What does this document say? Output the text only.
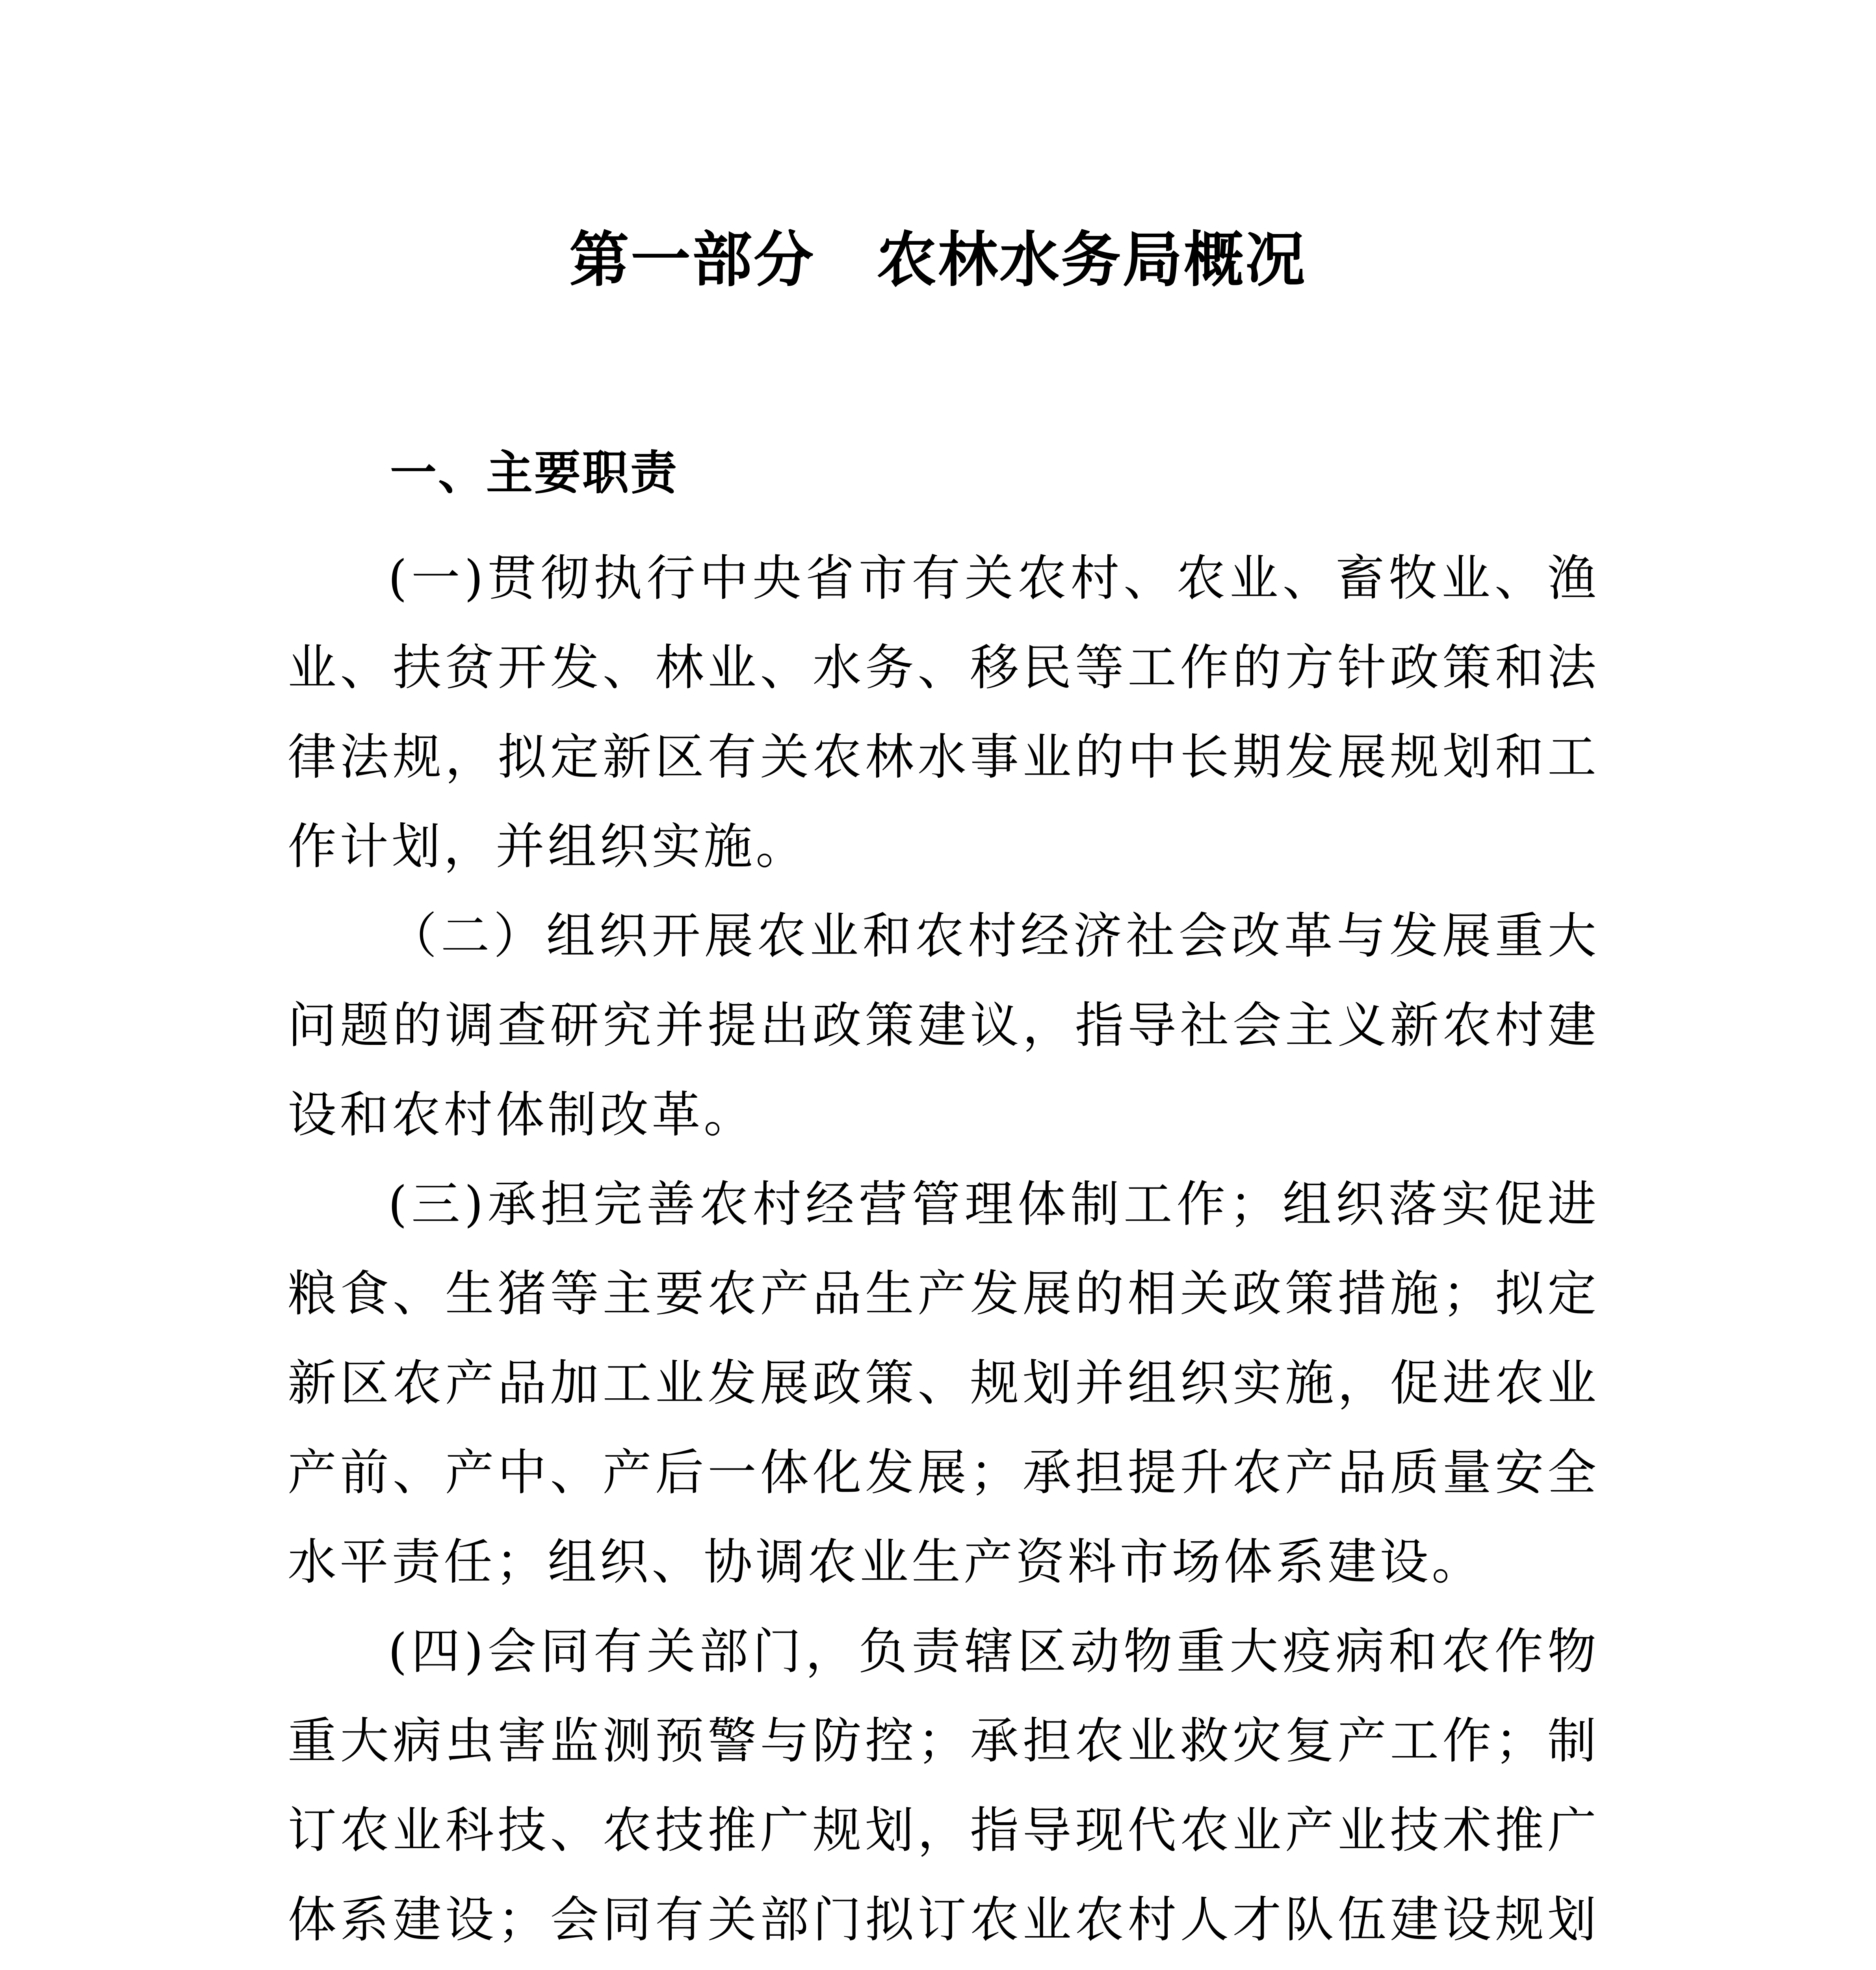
第一部分　农林水务局概况
一、主要职责

(一)贯彻执行中央省市有关农村、农业、畜牧业、渔业、扶贫开发、林业、水务、移民等工作的方针政策和法律法规，拟定新区有关农林水事业的中长期发展规划和工作计划，并组织实施。

（二）组织开展农业和农村经济社会改革与发展重大问题的调查研究并提出政策建议，指导社会主义新农村建设和农村体制改革。

(三)承担完善农村经营管理体制工作；组织落实促进粮食、生猪等主要农产品生产发展的相关政策措施；拟定新区农产品加工业发展政策、规划并组织实施，促进农业产前、产中、产后一体化发展；承担提升农产品质量安全水平责任；组织、协调农业生产资料市场体系建设。

(四)会同有关部门，负责辖区动物重大疫病和农作物重大病虫害监测预警与防控；承担农业救灾复产工作；制订农业科技、农技推广规划，指导现代农业产业技术推广体系建设；会同有关部门拟订农业农村人才队伍建设规划
